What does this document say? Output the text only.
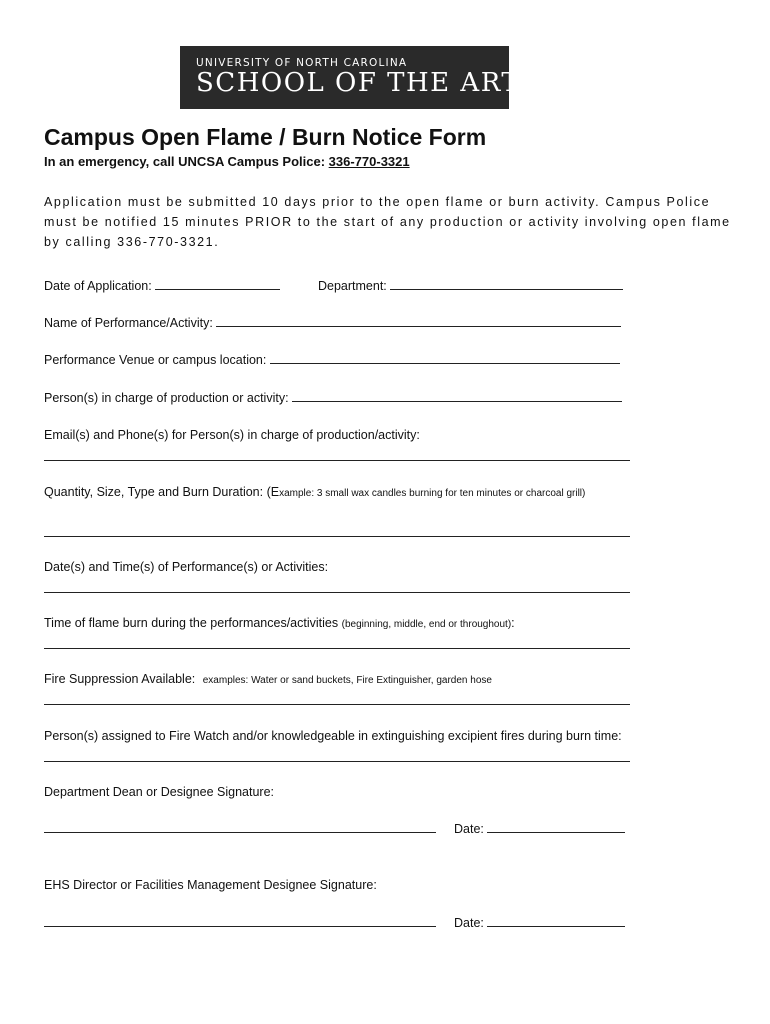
UNIVERSITY OF NORTH CAROLINA
SCHOOL OF THE ARTS
Campus Open Flame / Burn Notice Form
In an emergency, call UNCSA Campus Police: 336-770-3321
Application must be submitted 10 days prior to the open flame or burn activity. Campus Police must be notified 15 minutes PRIOR to the start of any production or activity involving open flame by calling 336-770-3321.
Date of Application:	Department:
Name of Performance/Activity:
Performance Venue or campus location:
Person(s) in charge of production or activity:
Email(s) and Phone(s) for Person(s) in charge of production/activity:
Quantity, Size, Type and Burn Duration: (Example: 3 small wax candles burning for ten minutes or charcoal grill)
Date(s) and Time(s) of Performance(s) or Activities:
Time of flame burn during the performances/activities (beginning, middle, end or throughout):
Fire Suppression Available: examples: Water or sand buckets, Fire Extinguisher, garden hose
Person(s) assigned to Fire Watch and/or knowledgeable in extinguishing excipient fires during burn time:
Department Dean or Designee Signature:
Date:
EHS Director or Facilities Management Designee Signature:
Date:
